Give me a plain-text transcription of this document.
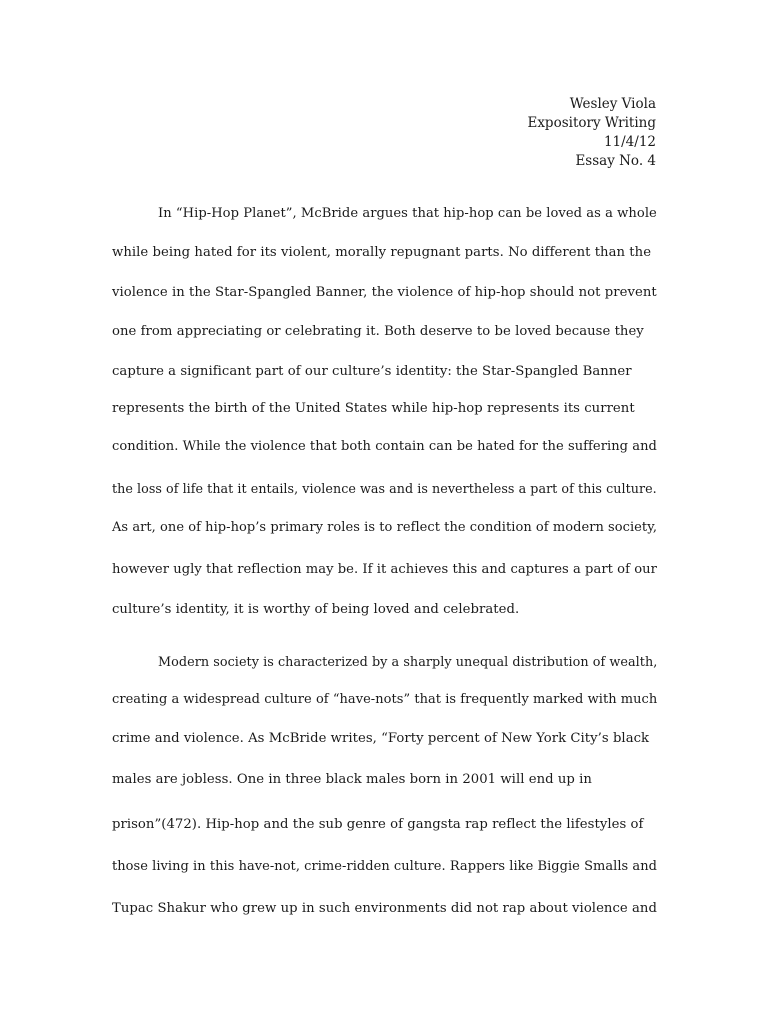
Wesley Viola
Expository Writing
11/4/12
Essay No. 4
In “Hip-Hop Planet”, McBride argues that hip-hop can be loved as a whole
while being hated for its violent, morally repugnant parts. No different than the
violence in the Star-Spangled Banner, the violence of hip-hop should not prevent
one from appreciating or celebrating it. Both deserve to be loved because they
capture a significant part of our culture’s identity: the Star-Spangled Banner
represents the birth of the United States while hip-hop represents its current
condition. While the violence that both contain can be hated for the suffering and
the loss of life that it entails, violence was and is nevertheless a part of this culture.
As art, one of hip-hop’s primary roles is to reflect the condition of modern society,
however ugly that reflection may be. If it achieves this and captures a part of our
culture’s identity, it is worthy of being loved and celebrated.
Modern society is characterized by a sharply unequal distribution of wealth,
creating a widespread culture of “have-nots” that is frequently marked with much
crime and violence. As McBride writes, “Forty percent of New York City’s black
males are jobless. One in three black males born in 2001 will end up in
prison”(472). Hip-hop and the sub genre of gangsta rap reflect the lifestyles of
those living in this have-not, crime-ridden culture. Rappers like Biggie Smalls and
Tupac Shakur who grew up in such environments did not rap about violence and
